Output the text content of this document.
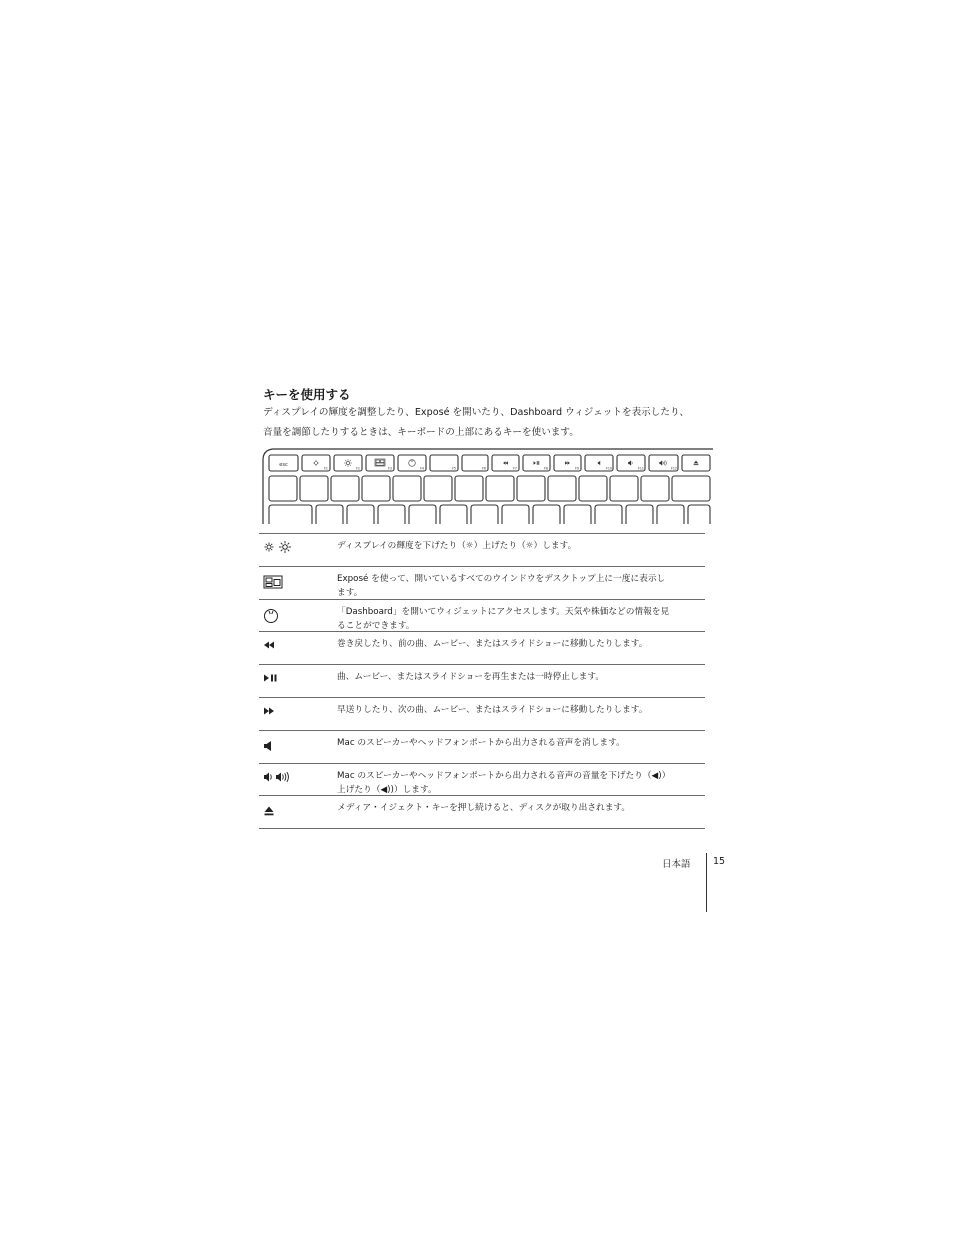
キーを使用する

ディスプレイの輝度を調整したり、Exposé を開いたり、Dashboard ウィジェットを表示したり、
音量を調節したりするときは、キーボードの上部にあるキーを使います。

esc
F1	F2	F3	F4	F5	F6	F7	F8	F9	F10	F11	F12
ディスプレイの輝度を下げたり（☼）上げたり（☼）します。
Exposé を使って、開いているすべてのウインドウをデスクトップ上に一度に表示し
ます。
「Dashboard」を開いてウィジェットにアクセスします。天気や株価などの情報を見
ることができます。
巻き戻したり、前の曲、ムービー、またはスライドショーに移動したりします。
曲、ムービー、またはスライドショーを再生または一時停止します。
早送りしたり、次の曲、ムービー、またはスライドショーに移動したりします。
Mac のスピーカーやヘッドフォンポートから出力される音声を消します。
Mac のスピーカーやヘッドフォンポートから出力される音声の音量を下げたり（◀)）
上げたり（◀))）します。
メディア・イジェクト・キーを押し続けると、ディスクが取り出されます。
日本語 15
